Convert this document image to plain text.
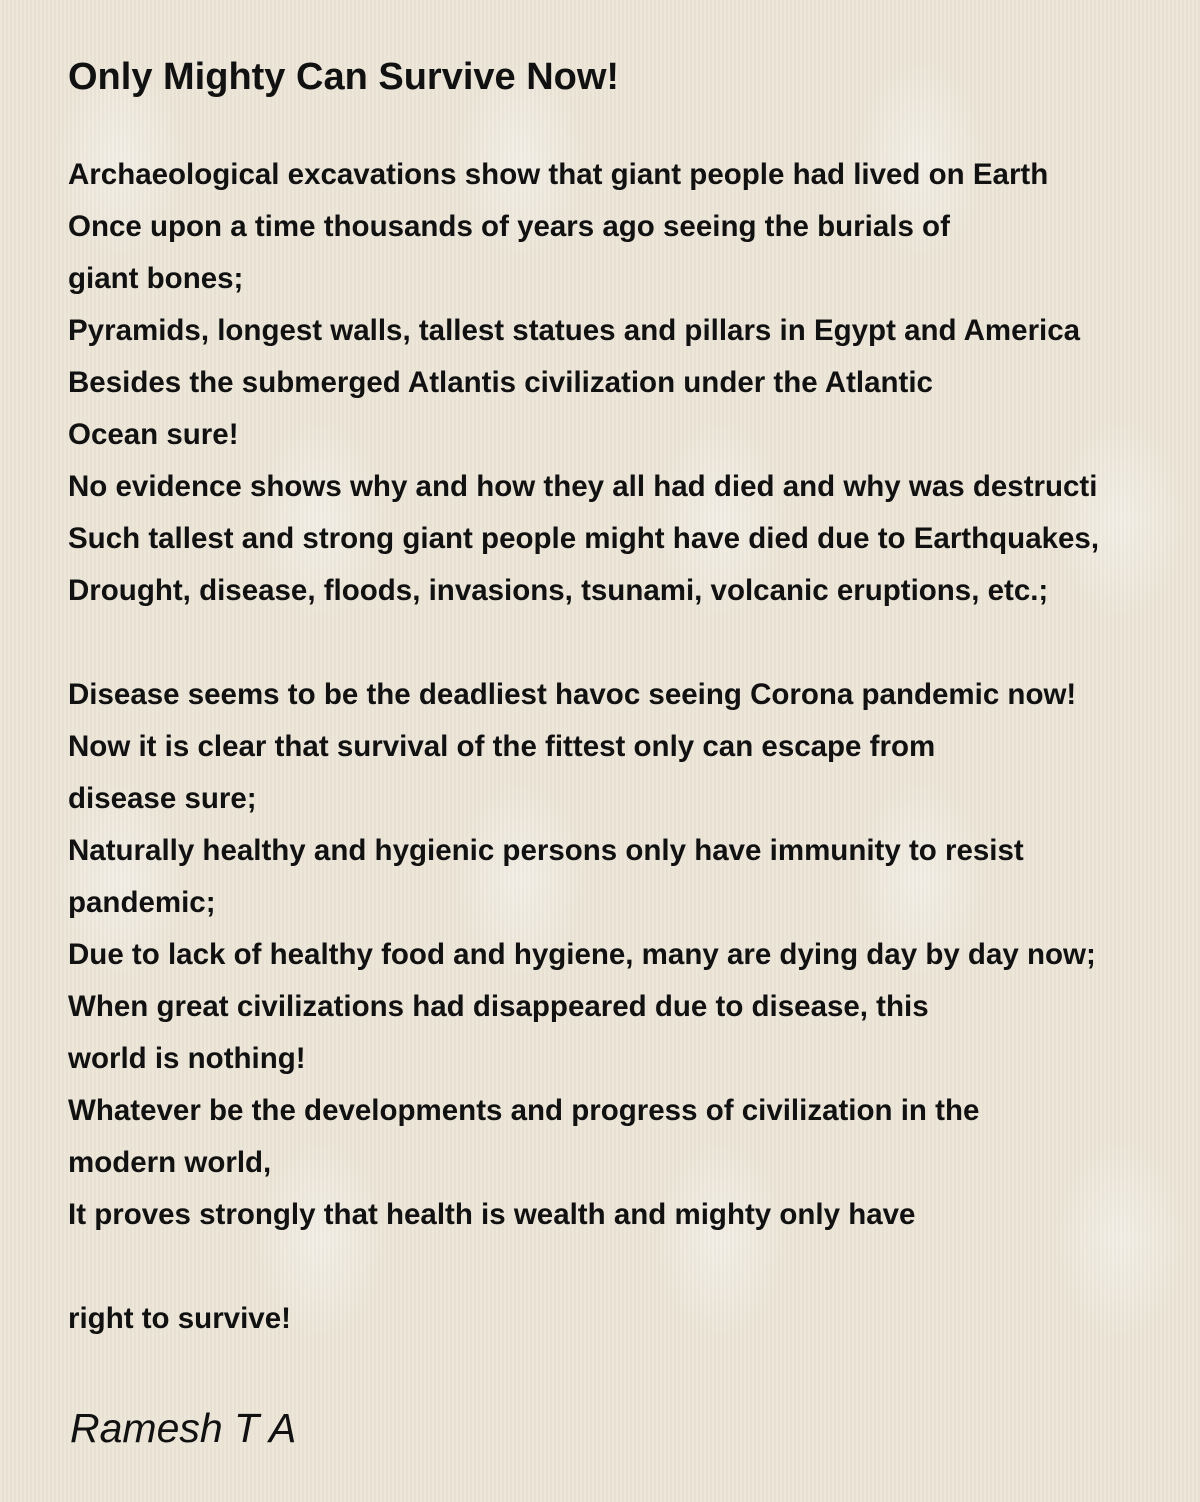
Only Mighty Can Survive Now!
Archaeological excavations show that giant people had lived on Earth
Once upon a time thousands of years ago seeing the burials of
giant bones;
Pyramids, longest walls, tallest statues and pillars in Egypt and America
Besides the submerged Atlantis civilization under the Atlantic
Ocean sure!
No evidence shows why and how they all had died and why was destructi
Such tallest and strong giant people might have died due to Earthquakes,
Drought, disease, floods, invasions, tsunami, volcanic eruptions, etc.;
Disease seems to be the deadliest havoc seeing Corona pandemic now!
Now it is clear that survival of the fittest only can escape from
disease sure;
Naturally healthy and hygienic persons only have immunity to resist
pandemic;
Due to lack of healthy food and hygiene, many are dying day by day now;
When great civilizations had disappeared due to disease, this
world is nothing!
Whatever be the developments and progress of civilization in the
modern world,
It proves strongly that health is wealth and mighty only have
right to survive!
Ramesh T A
